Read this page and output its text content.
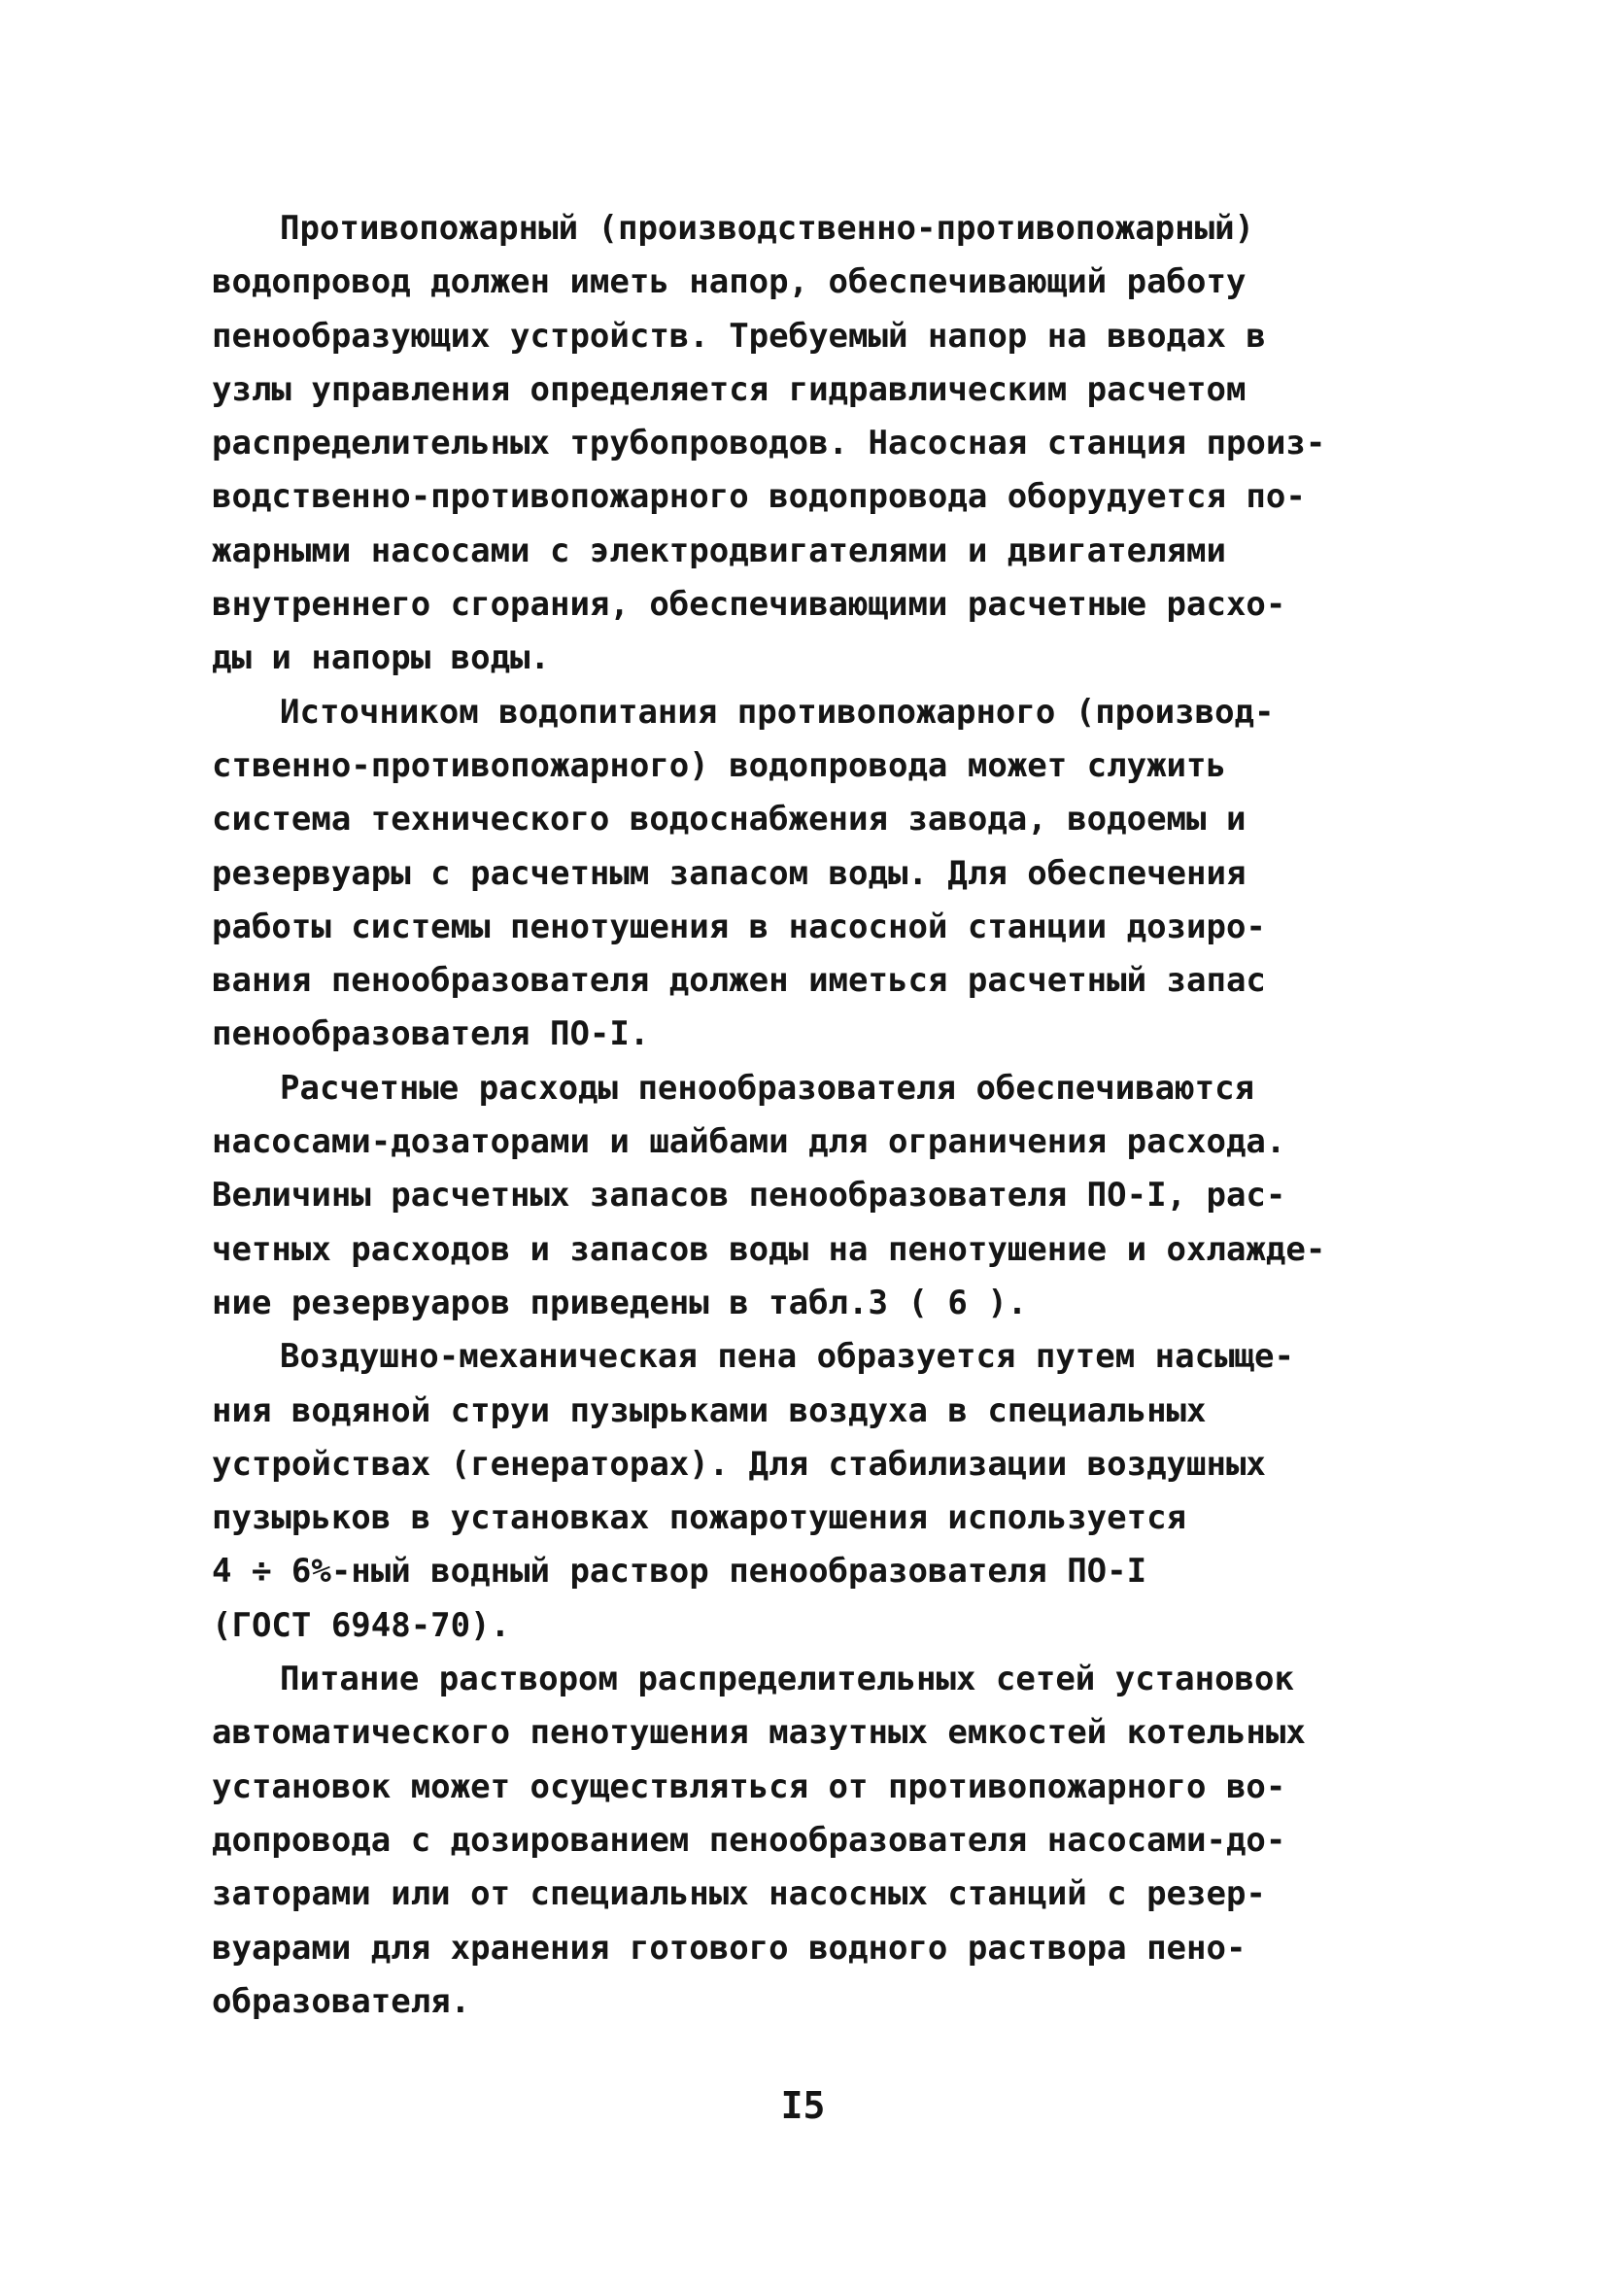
Противопожарный (производственно-противопожарный)
водопровод должен иметь напор, обеспечивающий работу
пенообразующих устройств. Требуемый напор на вводах в
узлы управления определяется гидравлическим расчетом
распределительных трубопроводов. Насосная станция произ-
водственно-противопожарного водопровода оборудуется по-
жарными насосами с электродвигателями и двигателями
внутреннего сгорания, обеспечивающими расчетные расхо-
ды и напоры воды.
Источником водопитания противопожарного (производ-
ственно-противопожарного) водопровода может служить
система технического водоснабжения завода, водоемы и
резервуары с расчетным запасом воды. Для обеспечения
работы системы пенотушения в насосной станции дозиро-
вания пенообразователя должен иметься расчетный запас
пенообразователя ПО-I.
Расчетные расходы пенообразователя обеспечиваются
насосами-дозаторами и шайбами для ограничения расхода.
Величины расчетных запасов пенообразователя ПО-I, рас-
четных расходов и запасов воды на пенотушение и охлажде-
ние резервуаров приведены в табл.3 ( 6 ).
Воздушно-механическая пена образуется путем насыще-
ния водяной струи пузырьками воздуха в специальных
устройствах (генераторах). Для стабилизации воздушных
пузырьков в установках пожаротушения используется
4 ÷ 6%-ный водный раствор пенообразователя ПО-I
(ГОСТ 6948-70).
Питание раствором распределительных сетей установок
автоматического пенотушения мазутных емкостей котельных
установок может осуществляться от противопожарного во-
допровода с дозированием пенообразователя насосами-до-
заторами или от специальных насосных станций с резер-
вуарами для хранения готового водного раствора пено-
образователя.
I5
